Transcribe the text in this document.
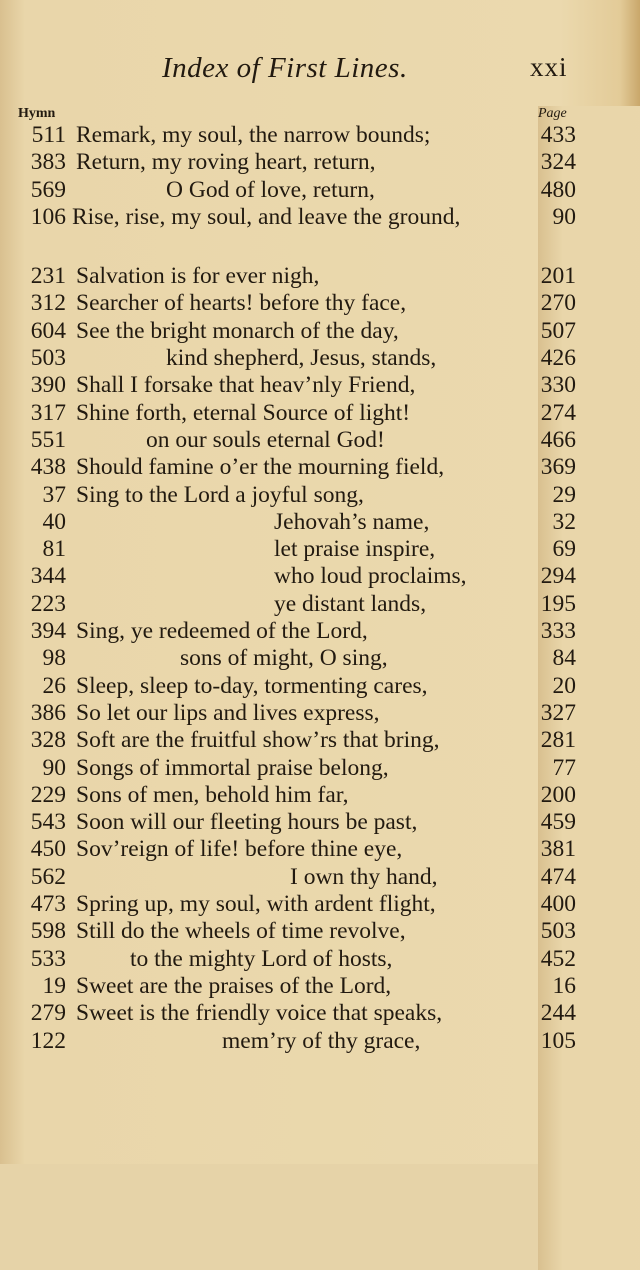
Index of First Lines.	xxi
Hymn	Page
511 Remark, my soul, the narrow bounds;	433
383 Return, my roving heart, return,	324
569	O God of love, return,	480
106 Rise, rise, my soul, and leave the ground,	90
231 Salvation is for ever nigh,	201
312 Searcher of hearts! before thy face,	270
604 See the bright monarch of the day,	507
503	kind shepherd, Jesus, stands,	426
390 Shall I forsake that heav’nly Friend,	330
317 Shine forth, eternal Source of light!	274
551	on our souls eternal God!	466
438 Should famine o’er the mourning field,	369
37 Sing to the Lord a joyful song,	29
40	Jehovah’s name,	32
81	let praise inspire,	69
344	who loud proclaims,	294
223	ye distant lands,	195
394 Sing, ye redeemed of the Lord,	333
98	sons of might, O sing,	84
26 Sleep, sleep to-day, tormenting cares,	20
386 So let our lips and lives express,	327
328 Soft are the fruitful show’rs that bring,	281
90 Songs of immortal praise belong,	77
229 Sons of men, behold him far,	200
543 Soon will our fleeting hours be past,	459
450 Sov’reign of life! before thine eye,	381
562	I own thy hand,	474
473 Spring up, my soul, with ardent flight,	400
598 Still do the wheels of time revolve,	503
533	to the mighty Lord of hosts,	452
19 Sweet are the praises of the Lord,	16
279 Sweet is the friendly voice that speaks,	244
122	mem’ry of thy grace,	105
